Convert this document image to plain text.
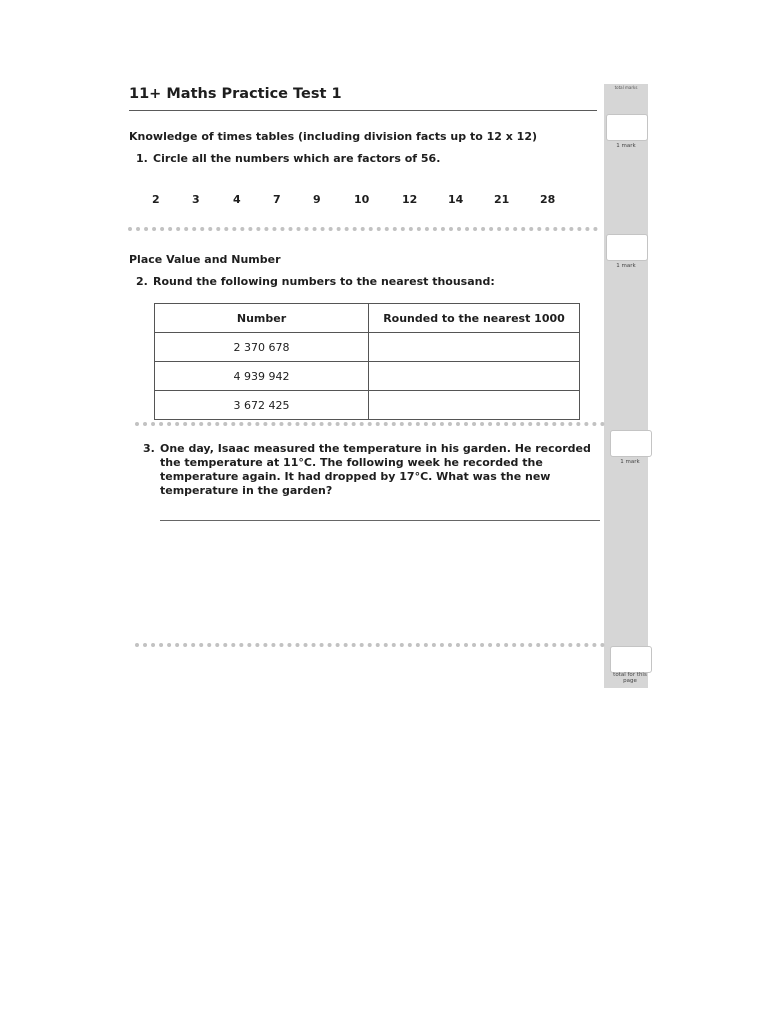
total marks
1 mark
1 mark
1 mark
total for this page
11+ Maths Practice Test 1
Knowledge of times tables (including division facts up to 12 x 12)
1. Circle all the numbers which are factors of 56.
2	3	4	7	9	10	12	14	21	28
Place Value and Number
2. Round the following numbers to the nearest thousand:
Number	Rounded to the nearest 1000
2 370 678	
4 939 942	
3 672 425	
3. One day, Isaac measured the temperature in his garden. He recorded the temperature at 11°C. The following week he recorded the temperature again. It had dropped by 17°C. What was the new temperature in the garden?
